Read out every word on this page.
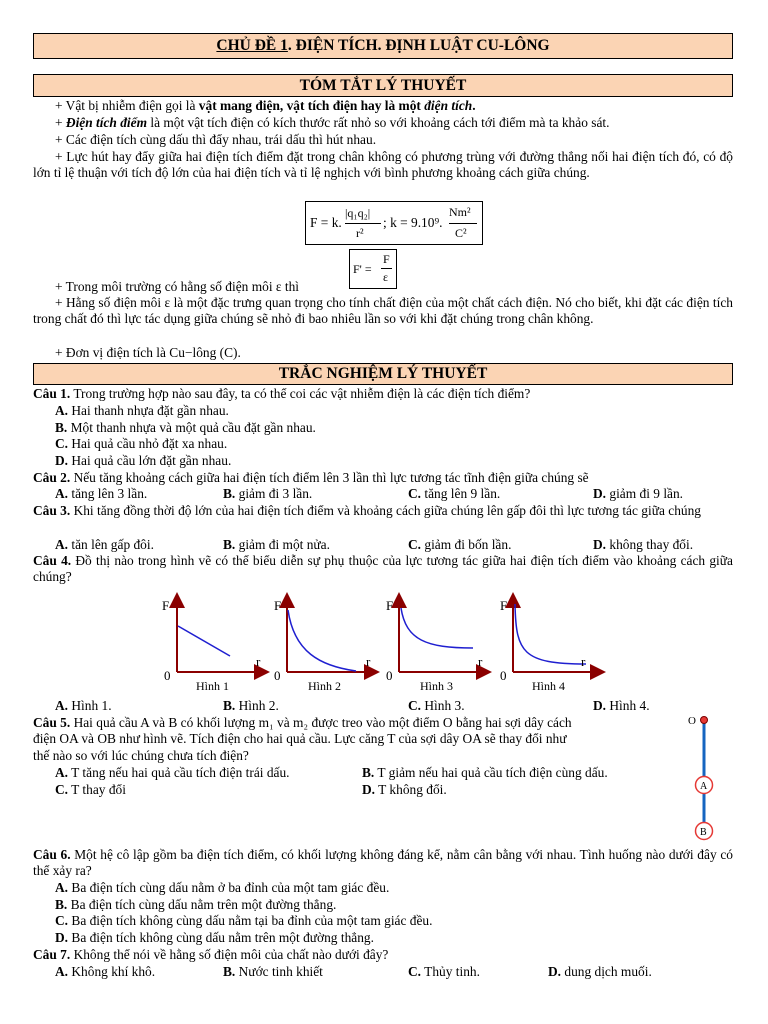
CHỦ ĐỀ 1. ĐIỆN TÍCH. ĐỊNH LUẬT CU-LÔNG
TÓM TẮT LÝ THUYẾT
+ Vật bị nhiễm điện gọi là vật mang điện, vật tích điện hay là một điện tích.
+ Điện tích điểm là một vật tích điện có kích thước rất nhỏ so với khoảng cách tới điểm mà ta khảo sát.
+ Các điện tích cùng dấu thì đẩy nhau, trái dấu thì hút nhau.
+ Lực hút hay đẩy giữa hai điện tích điểm đặt trong chân không có phương trùng với đường thẳng nối hai điện tích đó, có độ lớn tỉ lệ thuận với tích độ lớn của hai điện tích và tỉ lệ nghịch với bình phương khoảng cách giữa chúng.
F = k.
|q₁q₂|
r²
; k = 9.10⁹.
Nm²
C²
+ Trong môi trường có hằng số điện môi ε thì
F' =
F
ε
+ Hằng số điện môi ε là một đặc trưng quan trọng cho tính chất điện của một chất cách điện. Nó cho biết, khi đặt các điện tích trong chất đó thì lực tác dụng giữa chúng sẽ nhỏ đi bao nhiêu lần so với khi đặt chúng trong chân không.
+ Đơn vị điện tích là Cu−lông (C).
TRẮC NGHIỆM LÝ THUYẾT
Câu 1. Trong trường hợp nào sau đây, ta có thể coi các vật nhiễm điện là các điện tích điểm?
A. Hai thanh nhựa đặt gần nhau.
B. Một thanh nhựa và một quả cầu đặt gần nhau.
C. Hai quả cầu nhỏ đặt xa nhau.
D. Hai quả cầu lớn đặt gần nhau.
Câu 2. Nếu tăng khoảng cách giữa hai điện tích điểm lên 3 lần thì lực tương tác tĩnh điện giữa chúng sẽ
A. tăng lên 3 lần.	B. giảm đi 3 lần.	C. tăng lên 9 lần.	D. giảm đi 9 lần.
Câu 3. Khi tăng đồng thời độ lớn của hai điện tích điểm và khoảng cách giữa chúng lên gấp đôi thì lực tương tác giữa chúng
A. tăn lên gấp đôi.	B. giảm đi một nửa.	C. giảm đi bốn lần.	D. không thay đổi.
Câu 4. Đồ thị nào trong hình vẽ có thể biểu diễn sự phụ thuộc của lực tương tác giữa hai điện tích điểm vào khoảng cách giữa chúng?
F
r
0
Hình 1
F
r
0
Hình 2
F
r
0
Hình 3
F
r
0
Hình 4
A. Hình 1.	B. Hình 2.	C. Hình 3.	D. Hình 4.
Câu 5. Hai quả cầu A và B có khối lượng m₁ và m₂ được treo vào một điểm O bằng hai sợi dây cách
điện OA và OB như hình vẽ. Tích điện cho hai quả cầu. Lực căng T của sợi dây OA sẽ thay đổi như
thế nào so với lúc chúng chưa tích điện?
A. T tăng nếu hai quả cầu tích điện trái dấu.	B. T giảm nếu hai quả cầu tích điện cùng dấu.
C. T thay đổi	D. T không đổi.
O
A
B
Câu 6. Một hệ cô lập gồm ba điện tích điểm, có khối lượng không đáng kể, nằm cân bằng với nhau. Tình huống nào dưới đây có thể xảy ra?
A. Ba điện tích cùng dấu nằm ở ba đỉnh của một tam giác đều.
B. Ba điện tích cùng dấu nằm trên một đường thẳng.
C. Ba điện tích không cùng dấu nằm tại ba đỉnh của một tam giác đều.
D. Ba điện tích không cùng dấu nằm trên một đường thẳng.
Câu 7. Không thể nói về hằng số điện môi của chất nào dưới đây?
A. Không khí khô.	B. Nước tinh khiết	C. Thủy tinh.	D. dung dịch muối.
